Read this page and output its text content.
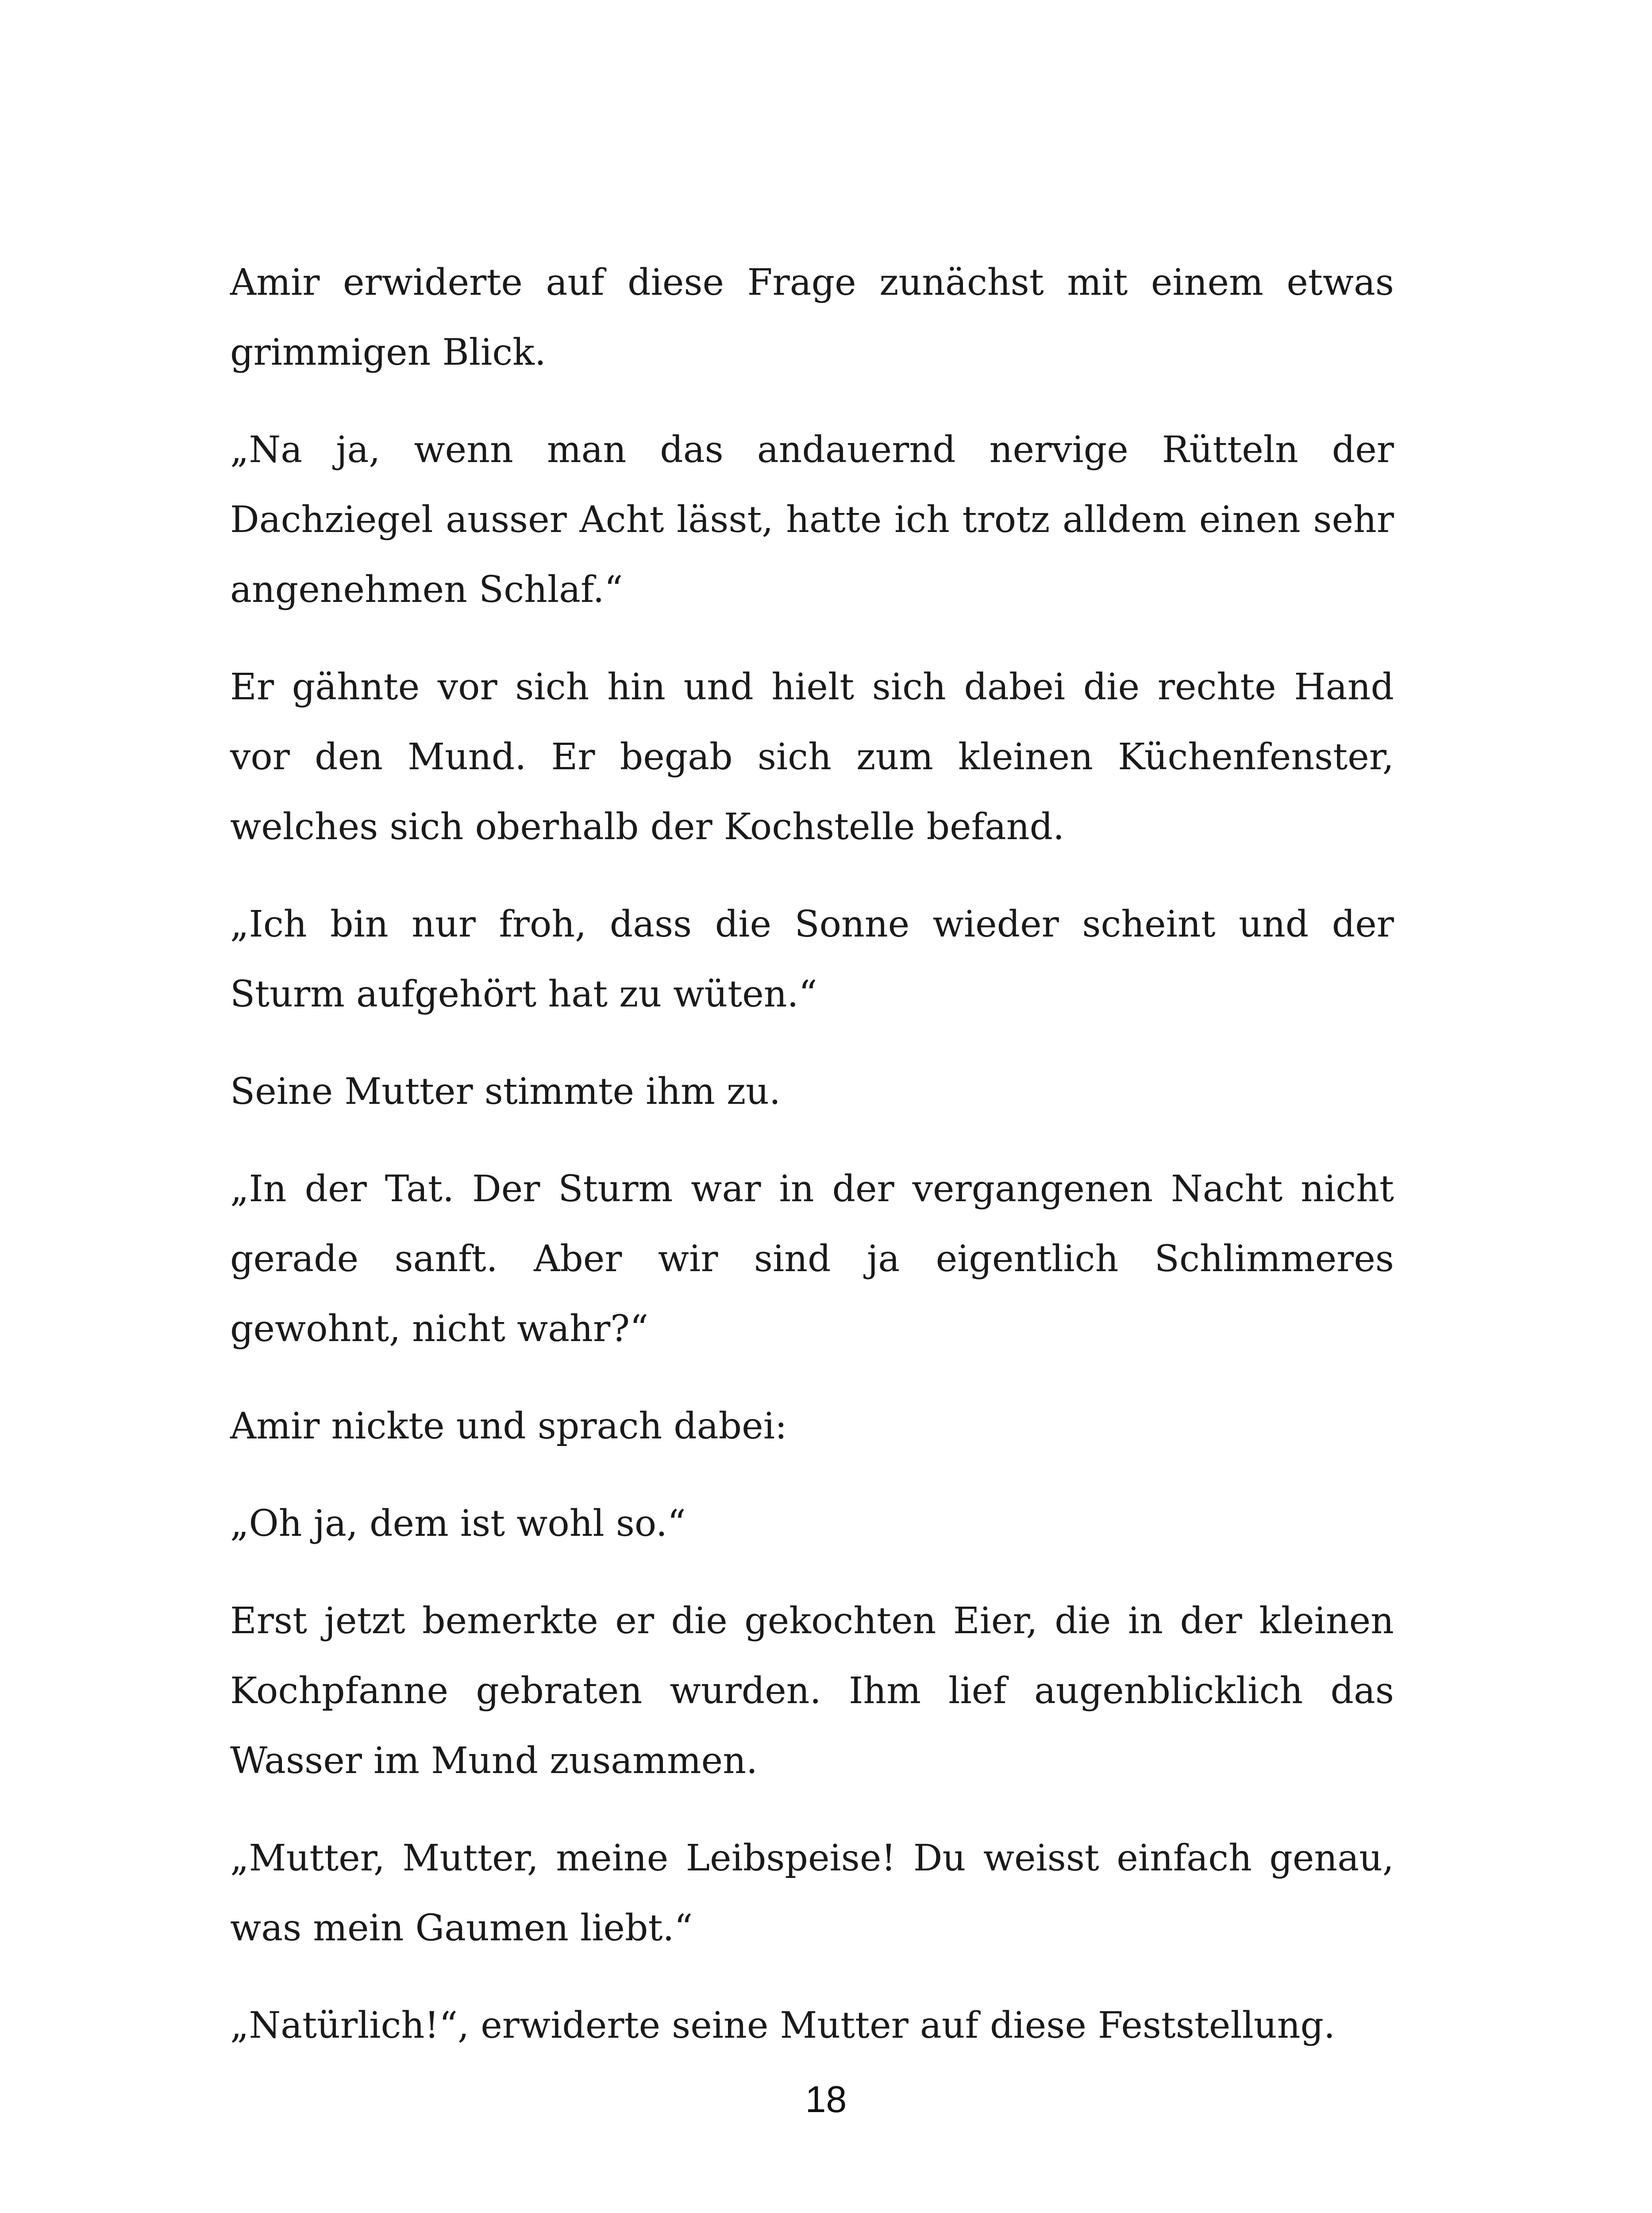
Amir erwiderte auf diese Frage zunächst mit einem etwas grimmigen Blick.

„Na ja, wenn man das andauernd nervige Rütteln der Dachziegel ausser Acht lässt, hatte ich trotz alldem einen sehr angenehmen Schlaf.“

Er gähnte vor sich hin und hielt sich dabei die rechte Hand vor den Mund. Er begab sich zum kleinen Küchenfenster, welches sich oberhalb der Kochstelle befand.

„Ich bin nur froh, dass die Sonne wieder scheint und der Sturm aufgehört hat zu wüten.“

Seine Mutter stimmte ihm zu.

„In der Tat. Der Sturm war in der vergangenen Nacht nicht gerade sanft. Aber wir sind ja eigentlich Schlimmeres gewohnt, nicht wahr?“

Amir nickte und sprach dabei:

„Oh ja, dem ist wohl so.“

Erst jetzt bemerkte er die gekochten Eier, die in der kleinen Kochpfanne gebraten wurden. Ihm lief augenblicklich das Wasser im Mund zusammen.

„Mutter, Mutter, meine Leibspeise! Du weisst einfach genau, was mein Gaumen liebt.“

„Natürlich!“, erwiderte seine Mutter auf diese Feststellung.

18
